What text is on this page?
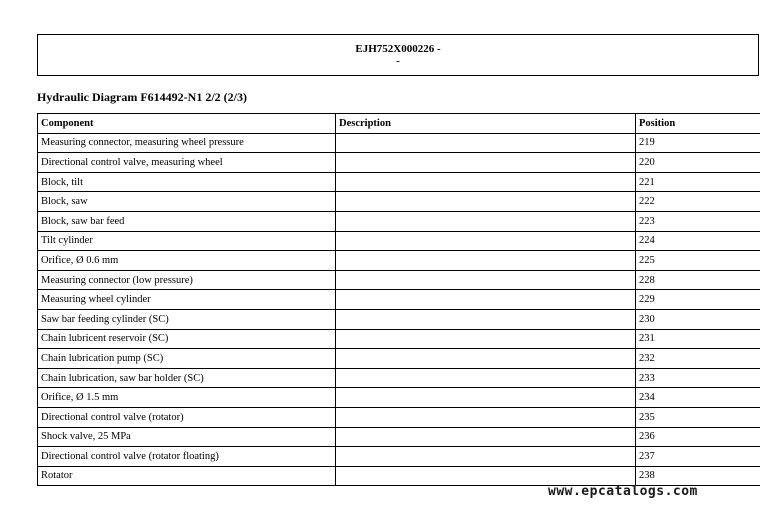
EJH752X000226 -
-
Hydraulic Diagram F614492-N1 2/2 (2/3)
Component	Description	Position
Measuring connector, measuring wheel pressure		219
Directional control valve, measuring wheel		220
Block, tilt		221
Block, saw		222
Block, saw bar feed		223
Tilt cylinder		224
Orifice, Ø 0.6 mm		225
Measuring connector (low pressure)		228
Measuring wheel cylinder		229
Saw bar feeding cylinder (SC)		230
Chain lubricent reservoir (SC)		231
Chain lubrication pump (SC)		232
Chain lubrication, saw bar holder (SC)		233
Orifice, Ø 1.5 mm		234
Directional control valve (rotator)		235
Shock valve, 25 MPa		236
Directional control valve (rotator floating)		237
Rotator		238
www.epcatalogs.com
